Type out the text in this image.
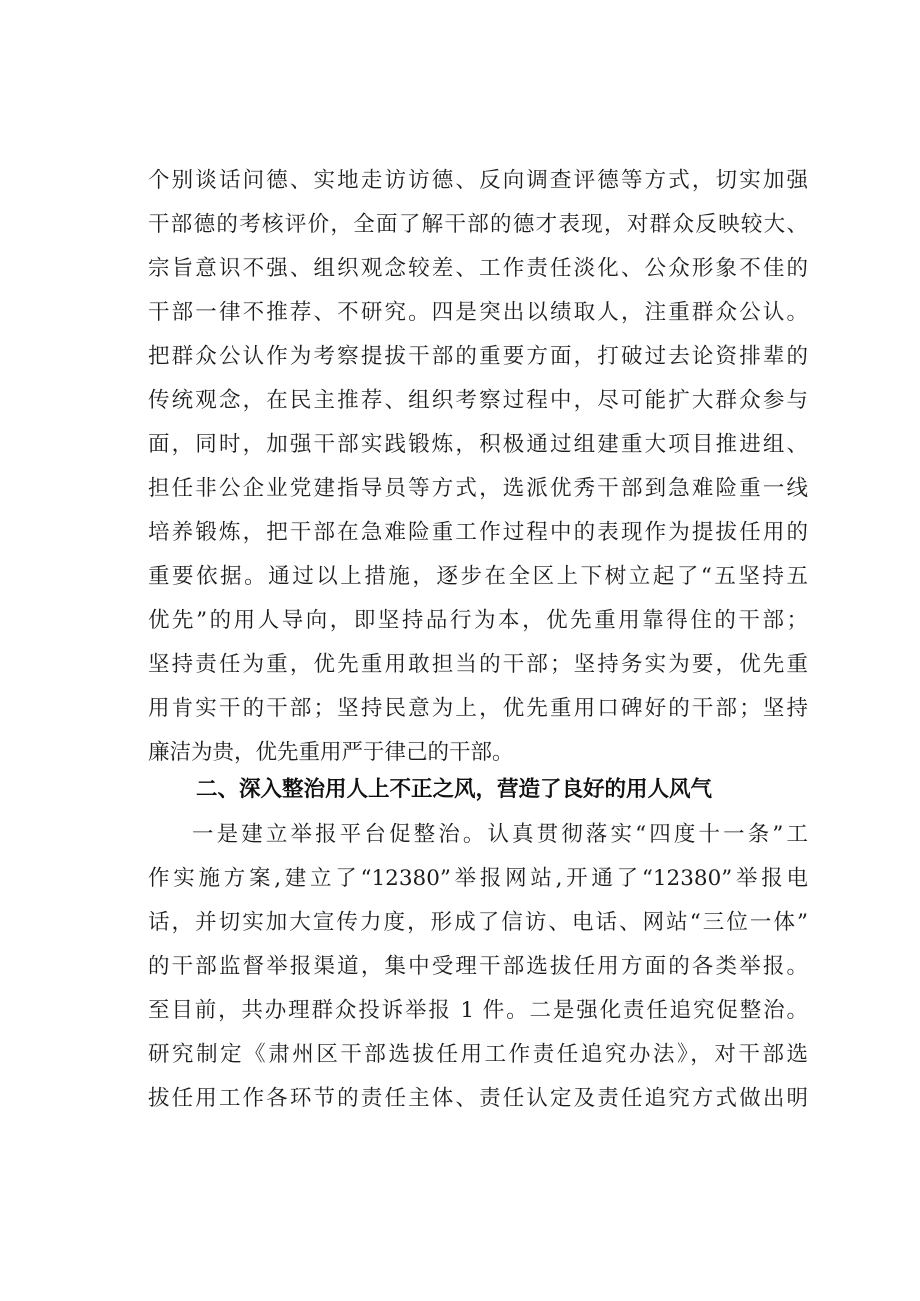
个别谈话问德、实地走访访德、反向调查评德等方式，切实加强
干部德的考核评价，全面了解干部的德才表现，对群众反映较大、
宗旨意识不强、组织观念较差、工作责任淡化、公众形象不佳的
干部一律不推荐、不研究。四是突出以绩取人，注重群众公认。
把群众公认作为考察提拔干部的重要方面，打破过去论资排辈的
传统观念，在民主推荐、组织考察过程中，尽可能扩大群众参与
面，同时，加强干部实践锻炼，积极通过组建重大项目推进组、
担任非公企业党建指导员等方式，选派优秀干部到急难险重一线
培养锻炼，把干部在急难险重工作过程中的表现作为提拔任用的
重要依据。通过以上措施，逐步在全区上下树立起了“五坚持五
优先”的用人导向，即坚持品行为本，优先重用靠得住的干部；
坚持责任为重，优先重用敢担当的干部；坚持务实为要，优先重
用肯实干的干部；坚持民意为上，优先重用口碑好的干部；坚持
廉洁为贵，优先重用严于律己的干部。
二、深入整治用人上不正之风，营造了良好的用人风气
一是建立举报平台促整治。认真贯彻落实“四度十一条”工
作实施方案,建立了“12380”举报网站,开通了“12380”举报电
话，并切实加大宣传力度，形成了信访、电话、网站“三位一体”
的干部监督举报渠道，集中受理干部选拔任用方面的各类举报。
至目前，共办理群众投诉举报 1 件。二是强化责任追究促整治。
研究制定《肃州区干部选拔任用工作责任追究办法》，对干部选
拔任用工作各环节的责任主体、责任认定及责任追究方式做出明
